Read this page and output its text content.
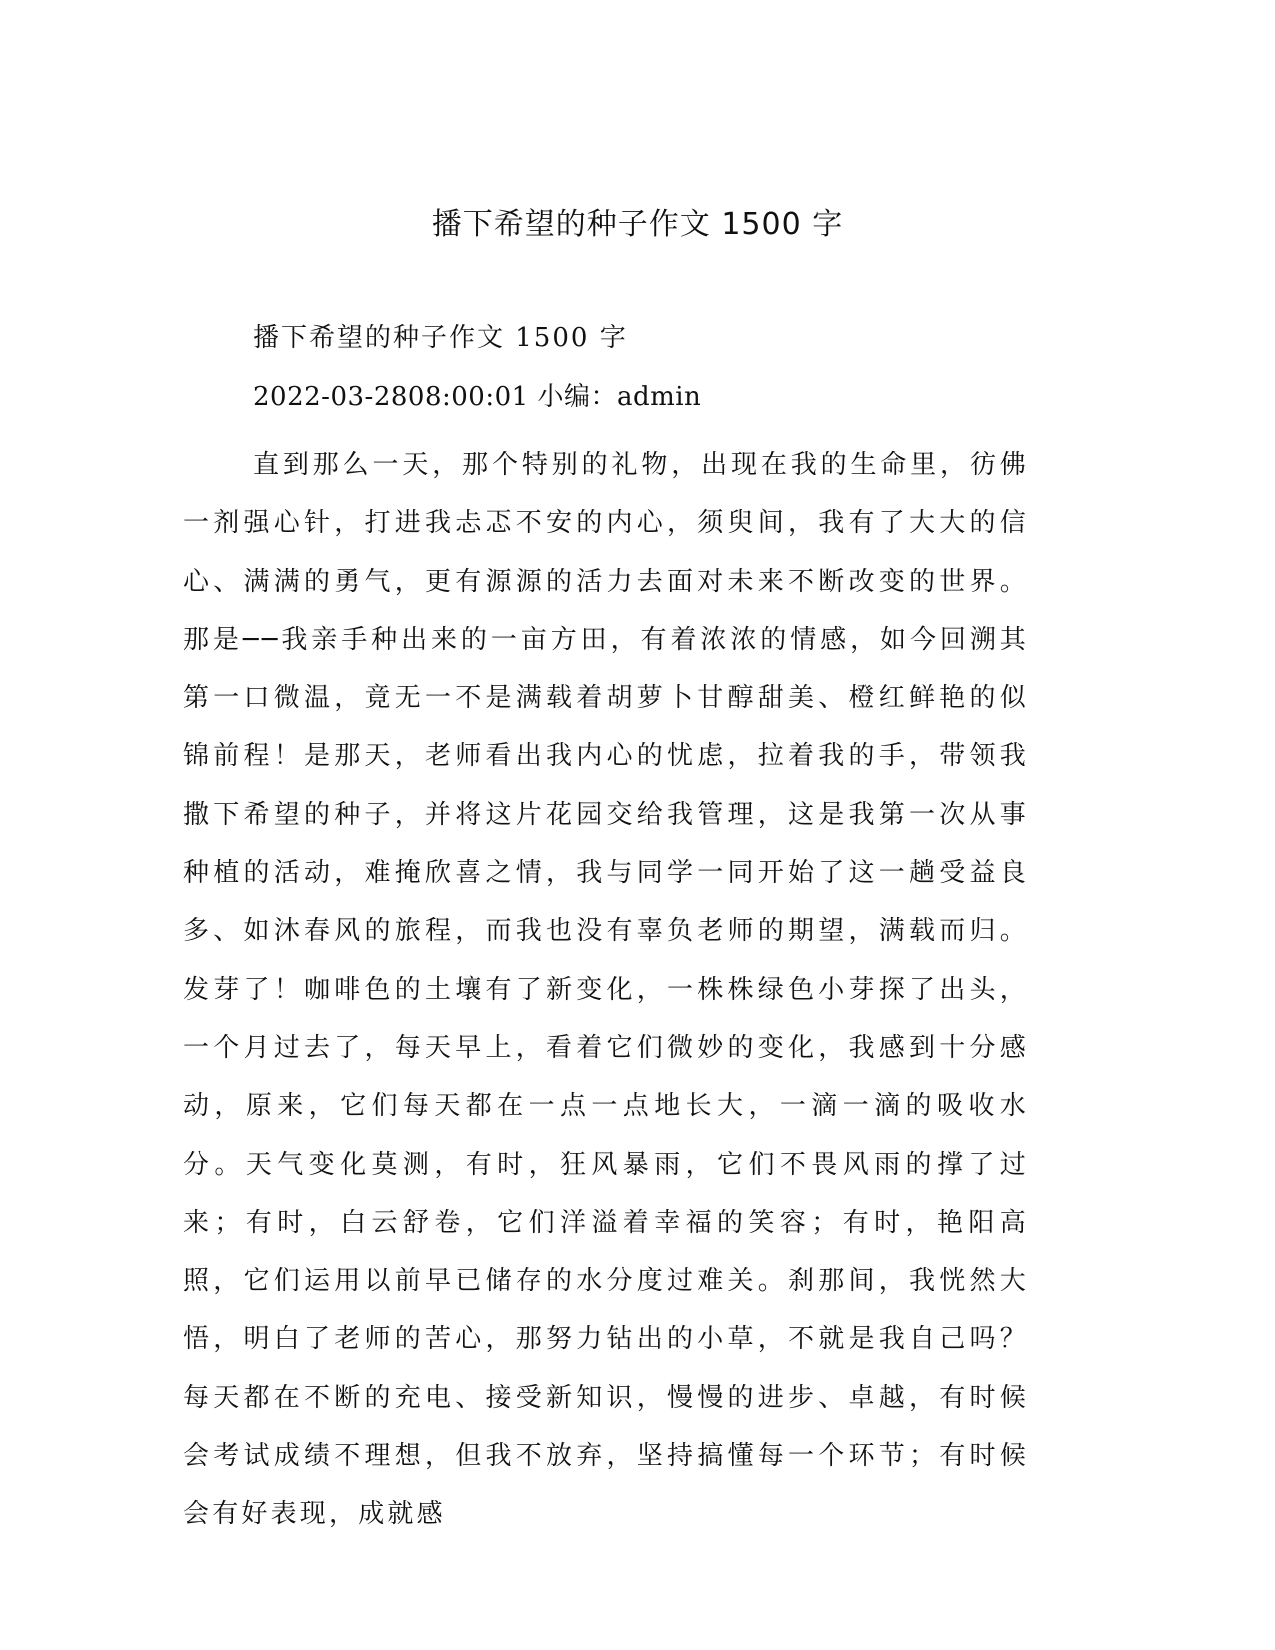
播下希望的种子作文 1500 字
播下希望的种子作文 1500 字
2022-03-2808:00:01 小编：admin

直到那么一天，那个特别的礼物，出现在我的生命里，彷佛一剂强心针，打进我忐忑不安的内心，须臾间，我有了大大的信心、满满的勇气，更有源源的活力去面对未来不断改变的世界。那是──我亲手种出来的一亩方田，有着浓浓的情感，如今回溯其第一口微温，竟无一不是满载着胡萝卜甘醇甜美、橙红鲜艳的似锦前程！是那天，老师看出我内心的忧虑，拉着我的手，带领我撒下希望的种子，并将这片花园交给我管理，这是我第一次从事种植的活动，难掩欣喜之情，我与同学一同开始了这一趟受益良多、如沐春风的旅程，而我也没有辜负老师的期望，满载而归。发芽了！咖啡色的土壤有了新变化，一株株绿色小芽探了出头，一个月过去了，每天早上，看着它们微妙的变化，我感到十分感动，原来，它们每天都在一点一点地长大，一滴一滴的吸收水分。天气变化莫测，有时，狂风暴雨，它们不畏风雨的撑了过来；有时，白云舒卷，它们洋溢着幸福的笑容；有时，艳阳高照，它们运用以前早已储存的水分度过难关。刹那间，我恍然大悟，明白了老师的苦心，那努力钻出的小草，不就是我自己吗？每天都在不断的充电、接受新知识，慢慢的进步、卓越，有时候会考试成绩不理想，但我不放弃，坚持搞懂每一个环节；有时候会有好表现，成就感
